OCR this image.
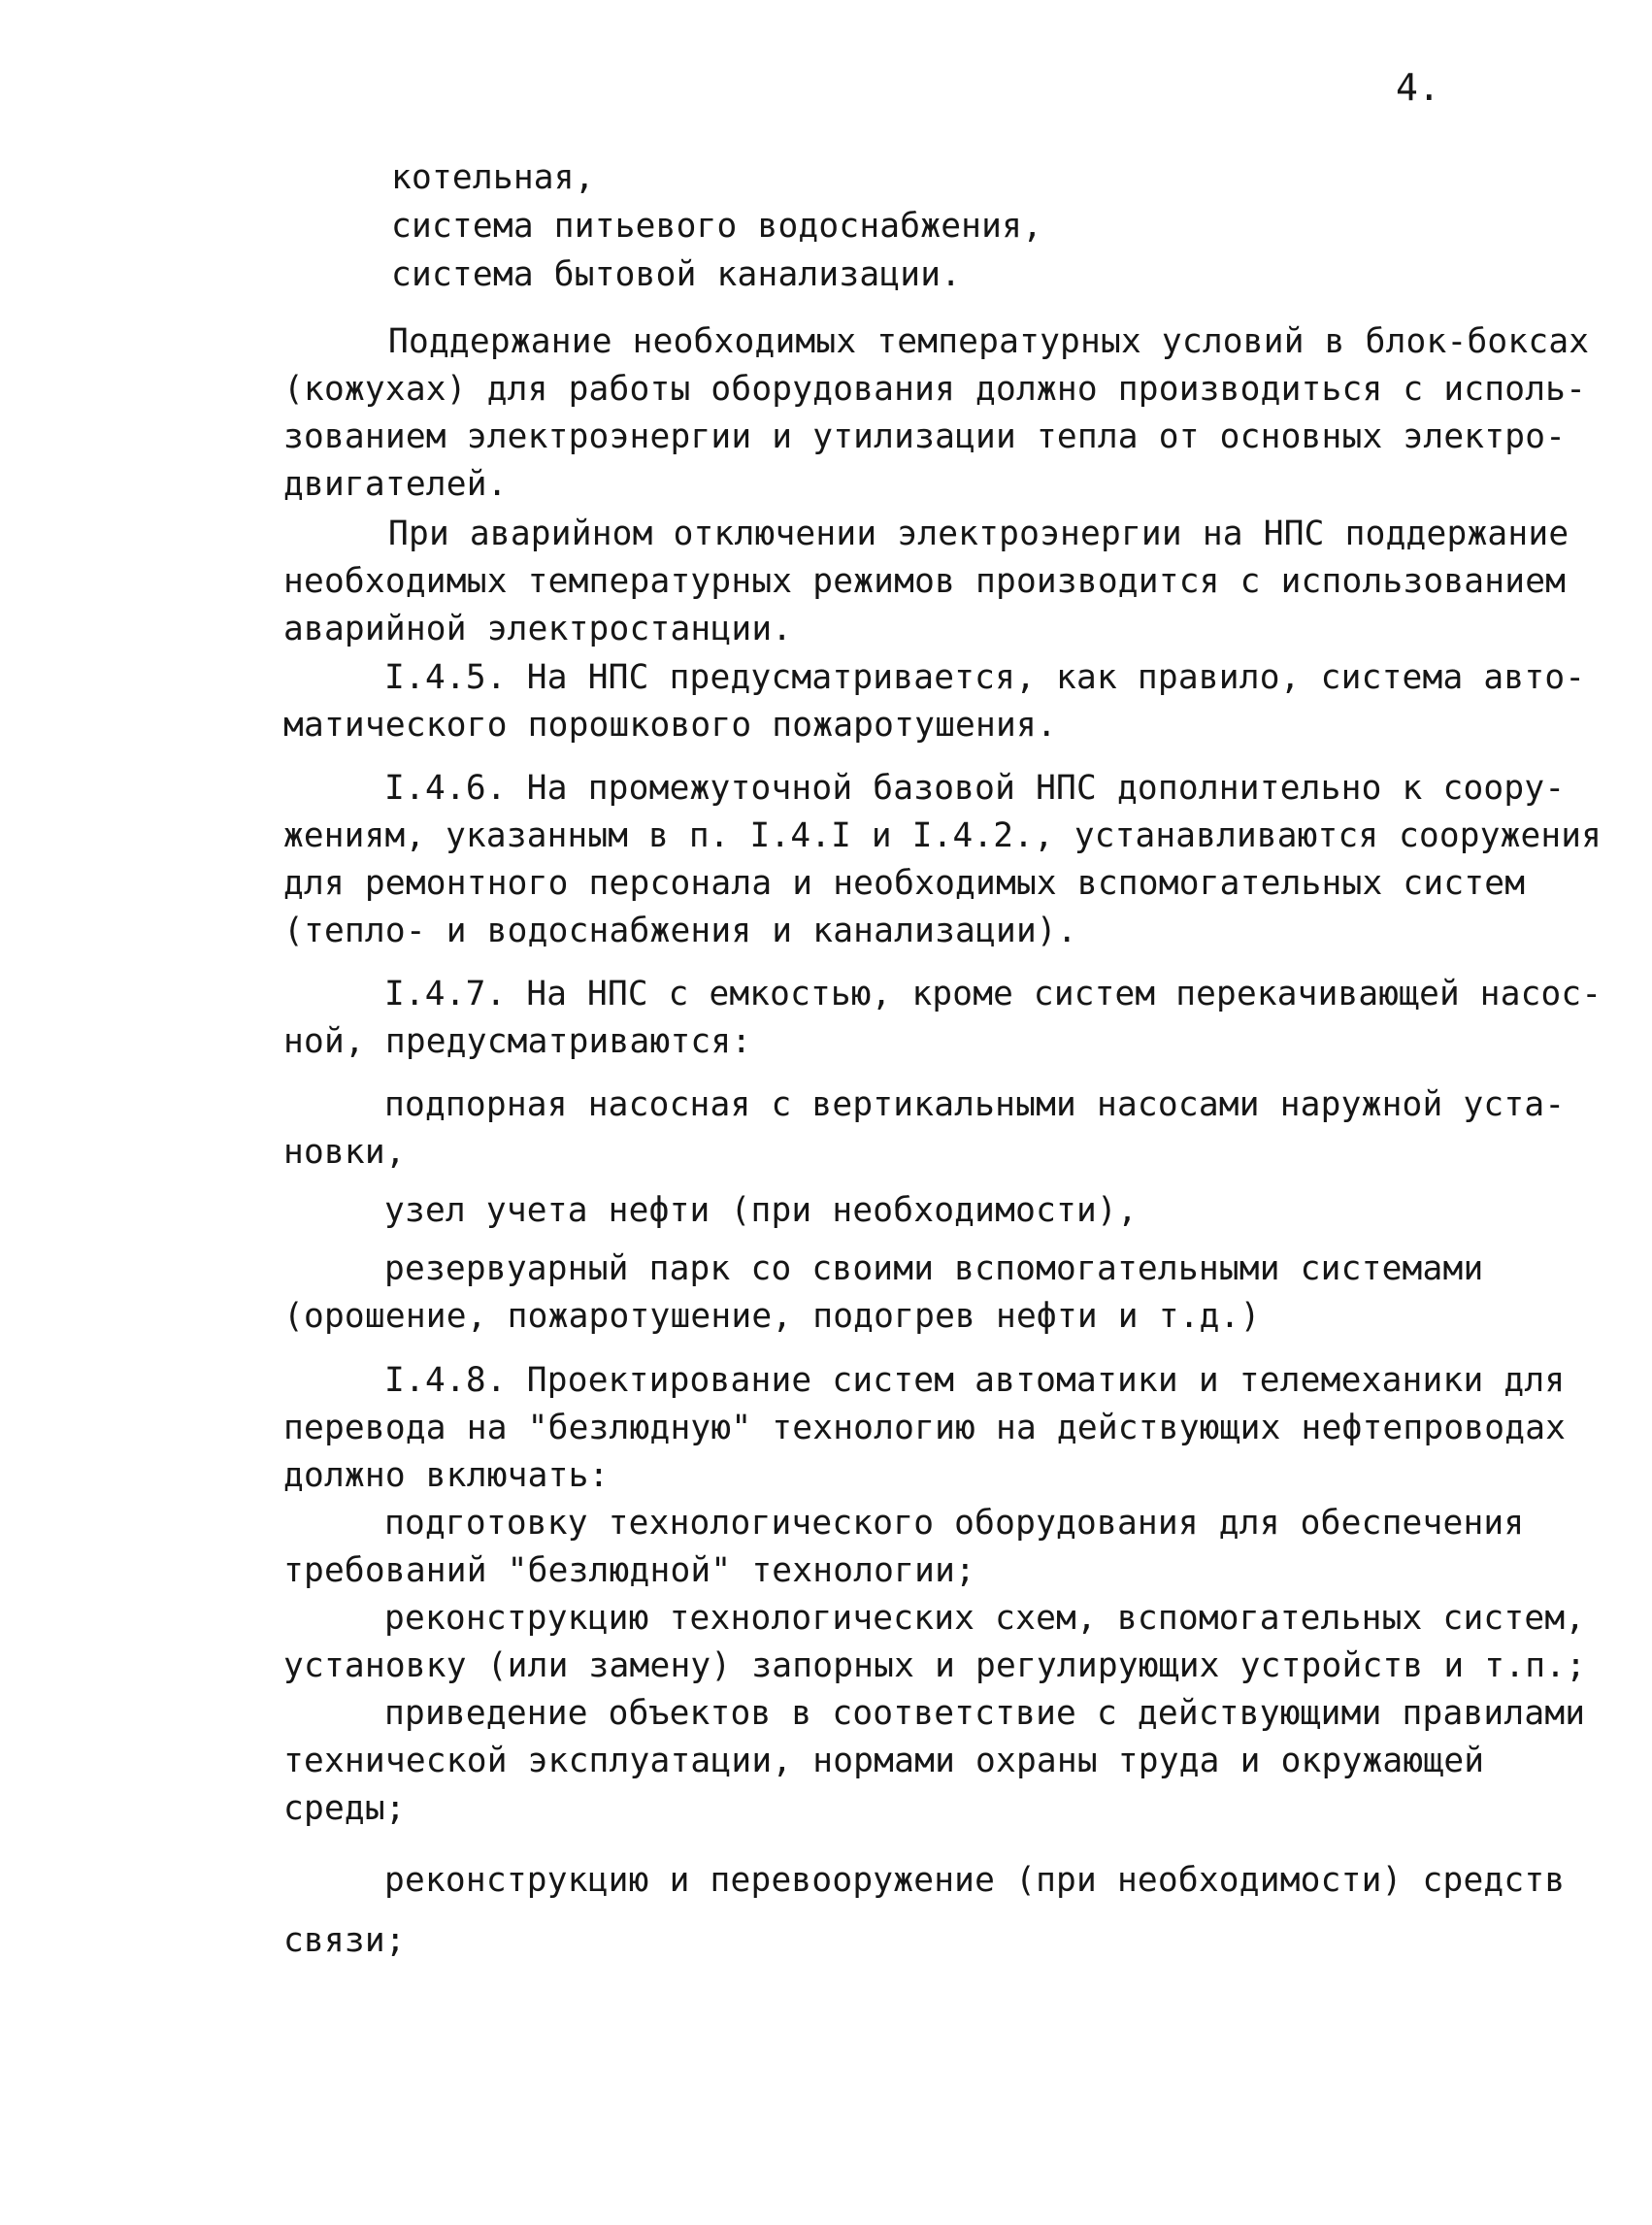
4.
котельная,
система питьевого водоснабжения,
система бытовой канализации.
Поддержание необходимых температурных условий в блок-боксах
(кожухах) для работы оборудования должно производиться с исполь-
зованием электроэнергии и утилизации тепла от основных электро-
двигателей.
При аварийном отключении электроэнергии на НПС поддержание
необходимых температурных режимов производится с использованием
аварийной электростанции.
I.4.5. На НПС предусматривается, как правило, система авто-
матического порошкового пожаротушения.
I.4.6. На промежуточной базовой НПС дополнительно к соору-
жениям, указанным в п. I.4.I и I.4.2., устанавливаются сооружения
для ремонтного персонала и необходимых вспомогательных систем
(тепло- и водоснабжения и канализации).
I.4.7. На НПС с емкостью, кроме систем перекачивающей насос-
ной, предусматриваются:
подпорная насосная с вертикальными насосами наружной уста-
новки,
узел учета нефти (при необходимости),
резервуарный парк со своими вспомогательными системами
(орошение, пожаротушение, подогрев нефти и т.д.)
I.4.8. Проектирование систем автоматики и телемеханики для
перевода на "безлюдную" технологию на действующих нефтепроводах
должно включать:
подготовку технологического оборудования для обеспечения
требований "безлюдной" технологии;
реконструкцию технологических схем, вспомогательных систем,
установку (или замену) запорных и регулирующих устройств и т.п.;
приведение объектов в соответствие с действующими правилами
технической эксплуатации, нормами охраны труда и окружающей
среды;
реконструкцию и перевооружение (при необходимости) средств
связи;
